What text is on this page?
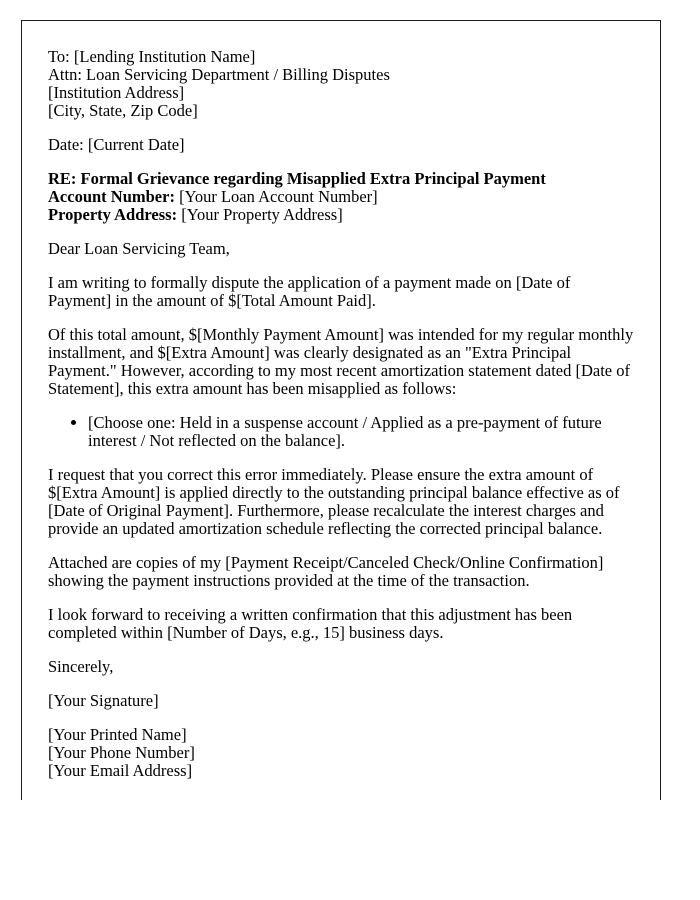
To: [Lending Institution Name]
Attn: Loan Servicing Department / Billing Disputes
[Institution Address]
[City, State, Zip Code]

Date: [Current Date]

RE: Formal Grievance regarding Misapplied Extra Principal Payment
Account Number: [Your Loan Account Number]
Property Address: [Your Property Address]

Dear Loan Servicing Team,

I am writing to formally dispute the application of a payment made on [Date of Payment] in the amount of $[Total Amount Paid].

Of this total amount, $[Monthly Payment Amount] was intended for my regular monthly installment, and $[Extra Amount] was clearly designated as an "Extra Principal Payment." However, according to my most recent amortization statement dated [Date of Statement], this extra amount has been misapplied as follows:

• [Choose one: Held in a suspense account / Applied as a pre-payment of future interest / Not reflected on the balance].

I request that you correct this error immediately. Please ensure the extra amount of $[Extra Amount] is applied directly to the outstanding principal balance effective as of [Date of Original Payment]. Furthermore, please recalculate the interest charges and provide an updated amortization schedule reflecting the corrected principal balance.

Attached are copies of my [Payment Receipt/Canceled Check/Online Confirmation] showing the payment instructions provided at the time of the transaction.

I look forward to receiving a written confirmation that this adjustment has been completed within [Number of Days, e.g., 15] business days.

Sincerely,

[Your Signature]

[Your Printed Name]
[Your Phone Number]
[Your Email Address]
